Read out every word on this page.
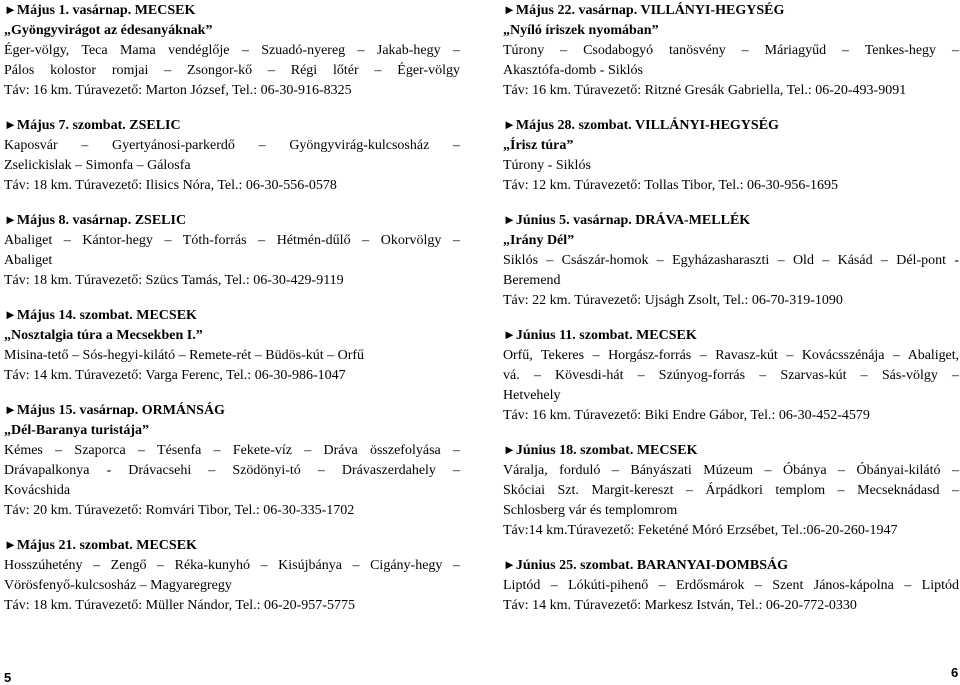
►Május 1. vasárnap. MECSEK
„Gyöngyvirágot az édesanyáknak”
Éger-völgy, Teca Mama vendéglője – Szuadó-nyereg – Jakab-hegy –
Pálos kolostor romjai – Zsongor-kő – Régi lőtér – Éger-völgy
Táv: 16 km. Túravezető: Marton József, Tel.: 06-30-916-8325
►Május 7. szombat. ZSELIC
Kaposvár – Gyertyánosi-parkerdő – Gyöngyvirág-kulcsosház –
Zselickislak – Simonfa – Gálosfa
Táv: 18 km. Túravezető: Ilisics Nóra, Tel.: 06-30-556-0578
►Május 8. vasárnap. ZSELIC
Abaliget – Kántor-hegy – Tóth-forrás – Hétmén-dűlő – Okorvölgy –
Abaliget
Táv: 18 km. Túravezető: Szücs Tamás, Tel.: 06-30-429-9119
►Május 14. szombat. MECSEK
„Nosztalgia túra a Mecsekben I.”
Misina-tető – Sós-hegyi-kilátó – Remete-rét – Büdös-kút – Orfű
Táv: 14 km. Túravezető: Varga Ferenc, Tel.: 06-30-986-1047
►Május 15. vasárnap. ORMÁNSÁG
„Dél-Baranya turistája”
Kémes – Szaporca – Tésenfa – Fekete-víz – Dráva összefolyása –
Drávapalkonya - Drávacsehi – Szödönyi-tó – Drávaszerdahely –
Kovácshida
Táv: 20 km. Túravezető: Romvári Tibor, Tel.: 06-30-335-1702
►Május 21. szombat. MECSEK
Hosszúhetény – Zengő – Réka-kunyhó – Kisújbánya – Cigány-hegy –
Vörösfenyő-kulcsosház – Magyaregregy
Táv: 18 km. Túravezető: Müller Nándor, Tel.: 06-20-957-5775
►Május 22. vasárnap. VILLÁNYI-HEGYSÉG
„Nyíló íriszek nyomában”
Túrony – Csodabogyó tanösvény – Máriagyűd – Tenkes-hegy –
Akasztófa-domb - Siklós
Táv: 16 km. Túravezető: Ritzné Gresák Gabriella, Tel.: 06-20-493-9091
►Május 28. szombat. VILLÁNYI-HEGYSÉG
„Írisz túra”
Túrony - Siklós
Táv: 12 km. Túravezető: Tollas Tibor, Tel.: 06-30-956-1695
►Június 5. vasárnap. DRÁVA-MELLÉK
„Irány Dél”
Siklós – Császár-homok – Egyházasharaszti – Old – Kásád – Dél-pont -
Beremend
Táv: 22 km. Túravezető: Ujságh Zsolt, Tel.: 06-70-319-1090
►Június 11. szombat. MECSEK
Orfű, Tekeres – Horgász-forrás – Ravasz-kút – Kovácsszénája – Abaliget,
vá. – Kövesdi-hát – Szúnyog-forrás – Szarvas-kút – Sás-völgy –
Hetvehely
Táv: 16 km. Túravezető: Biki Endre Gábor, Tel.: 06-30-452-4579
►Június 18. szombat. MECSEK
Váralja, forduló – Bányászati Múzeum – Óbánya – Óbányai-kilátó –
Skóciai Szt. Margit-kereszt – Árpádkori templom – Mecseknádasd –
Schlosberg vár és templomrom
Táv:14 km.Túravezető: Feketéné Móró Erzsébet, Tel.:06-20-260-1947
►Június 25. szombat. BARANYAI-DOMBSÁG
Liptód – Lókúti-pihenő – Erdősmárok – Szent János-kápolna – Liptód
Táv: 14 km. Túravezető: Markesz István, Tel.: 06-20-772-0330
5	6
